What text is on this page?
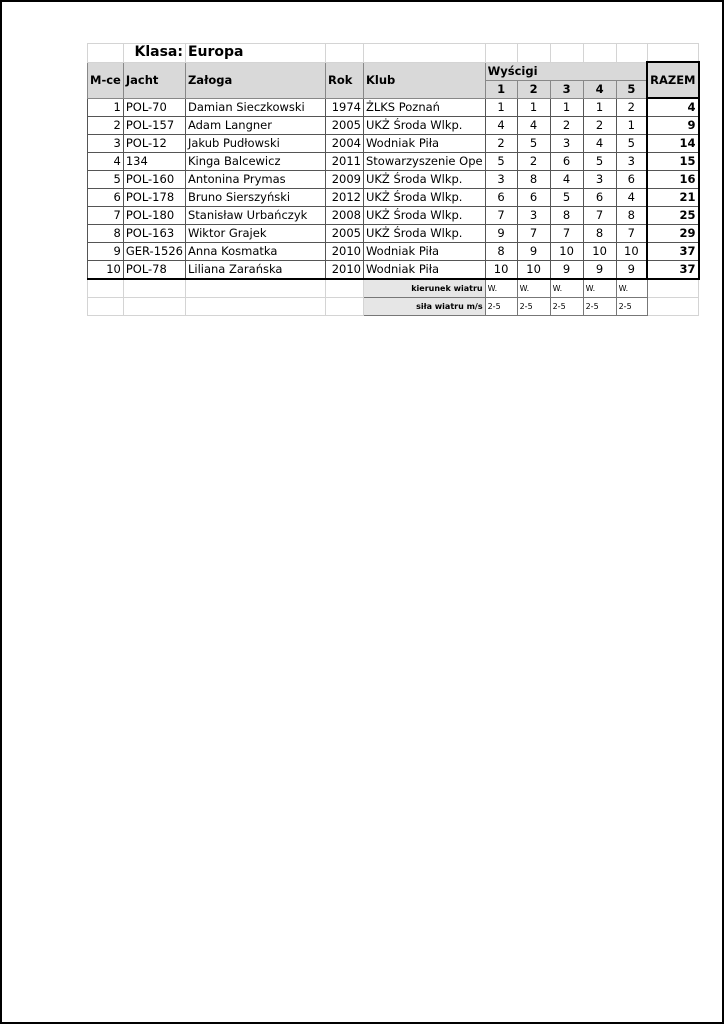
	Klasa:	Europa								
M-ce	Jacht	Załoga	Rok	Klub	Wyścigi					RAZEM
					1	2	3	4	5	
1	POL-70	Damian Sieczkowski	1974	ŻLKS Poznań	1	1	1	1	2	4
2	POL-157	Adam Langner	2005	UKŻ Środa Wlkp.	4	4	2	2	1	9
3	POL-12	Jakub Pudłowski	2004	Wodniak Piła	2	5	3	4	5	14
4	134	Kinga Balcewicz	2011	Stowarzyszenie Ope	5	2	6	5	3	15
5	POL-160	Antonina Prymas	2009	UKŻ Środa Wlkp.	3	8	4	3	6	16
6	POL-178	Bruno Sierszyński	2012	UKŻ Środa Wlkp.	6	6	5	6	4	21
7	POL-180	Stanisław Urbańczyk	2008	UKŻ Środa Wlkp.	7	3	8	7	8	25
8	POL-163	Wiktor Grajek	2005	UKŻ Środa Wlkp.	9	7	7	8	7	29
9	GER-1526	Anna Kosmatka	2010	Wodniak Piła	8	9	10	10	10	37
10	POL-78	Liliana Zarańska	2010	Wodniak Piła	10	10	9	9	9	37
				kierunek wiatru	W.	W.	W.	W.	W.	
				siła wiatru m/s	2-5	2-5	2-5	2-5	2-5	
